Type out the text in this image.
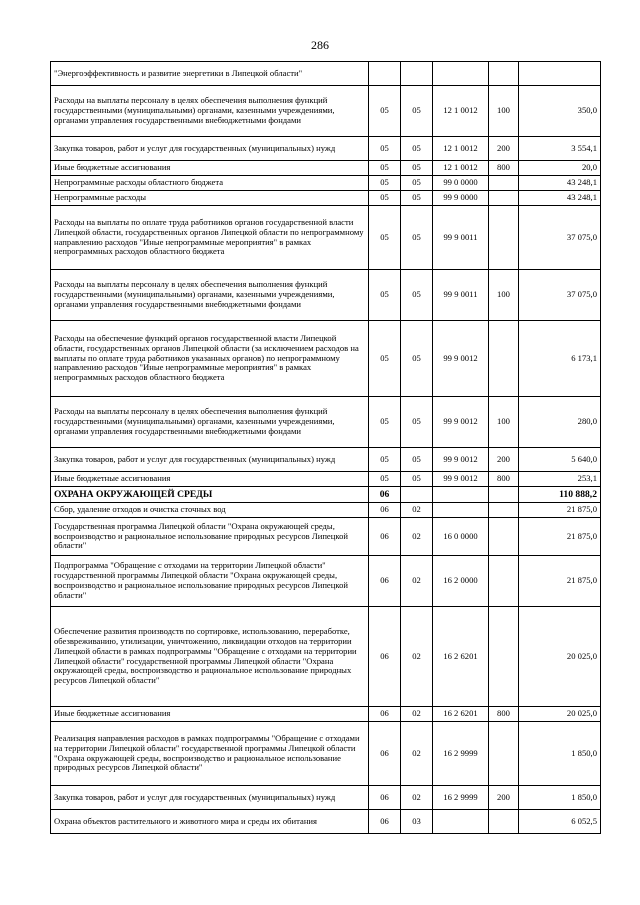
286
"Энергоэффективность и развитие энергетики в Липецкой области"					
Расходы на выплаты персоналу в целях обеспечения выполнения функций государственными (муниципальными) органами, казенными учреждениями, органами управления государственными внебюджетными фондами	05	05	12 1 0012	100	350,0
Закупка товаров, работ и услуг для государственных (муниципальных) нужд	05	05	12 1 0012	200	3 554,1
Иные бюджетные ассигнования	05	05	12 1 0012	800	20,0
Непрограммные расходы областного бюджета	05	05	99 0 0000		43 248,1
Непрограммные расходы	05	05	99 9 0000		43 248,1
Расходы на выплаты по оплате труда работников органов государственной власти Липецкой области, государственных органов Липецкой области по непрограммному направлению расходов "Иные непрограммные мероприятия" в рамках непрограммных расходов областного бюджета	05	05	99 9 0011		37 075,0
Расходы на выплаты персоналу в целях обеспечения выполнения функций государственными (муниципальными) органами, казенными учреждениями, органами управления государственными внебюджетными фондами	05	05	99 9 0011	100	37 075,0
Расходы на обеспечение функций органов государственной власти Липецкой области, государственных органов Липецкой области (за исключением расходов на выплаты по оплате труда работников указанных органов) по непрограммному направлению расходов "Иные непрограммные мероприятия" в рамках непрограммных расходов областного бюджета	05	05	99 9 0012		6 173,1
Расходы на выплаты персоналу в целях обеспечения выполнения функций государственными (муниципальными) органами, казенными учреждениями, органами управления государственными внебюджетными фондами	05	05	99 9 0012	100	280,0
Закупка товаров, работ и услуг для государственных (муниципальных) нужд	05	05	99 9 0012	200	5 640,0
Иные бюджетные ассигнования	05	05	99 9 0012	800	253,1
ОХРАНА ОКРУЖАЮЩЕЙ СРЕДЫ	06				110 888,2
Сбор, удаление отходов и очистка сточных вод	06	02			21 875,0
Государственная программа Липецкой области "Охрана окружающей среды, воспроизводство и рациональное использование природных ресурсов Липецкой области"	06	02	16 0 0000		21 875,0
Подпрограмма "Обращение с отходами на территории Липецкой области" государственной программы Липецкой области "Охрана окружающей среды, воспроизводство и рациональное использование природных ресурсов Липецкой области"	06	02	16 2 0000		21 875,0
Обеспечение развития производств по сортировке, использованию, переработке, обезвреживанию, утилизации, уничтожению, ликвидации отходов на территории Липецкой области в рамках подпрограммы "Обращение с отходами на территории Липецкой области" государственной программы Липецкой области "Охрана окружающей среды, воспроизводство и рациональное использование природных ресурсов Липецкой области"	06	02	16 2 6201		20 025,0
Иные бюджетные ассигнования	06	02	16 2 6201	800	20 025,0
Реализация направления расходов в рамках подпрограммы "Обращение с отходами на территории Липецкой области" государственной программы Липецкой области "Охрана окружающей среды, воспроизводство и рациональное использование природных ресурсов Липецкой области"	06	02	16 2 9999		1 850,0
Закупка товаров, работ и услуг для государственных (муниципальных) нужд	06	02	16 2 9999	200	1 850,0
Охрана объектов растительного и животного мира и среды их обитания	06	03			6 052,5
